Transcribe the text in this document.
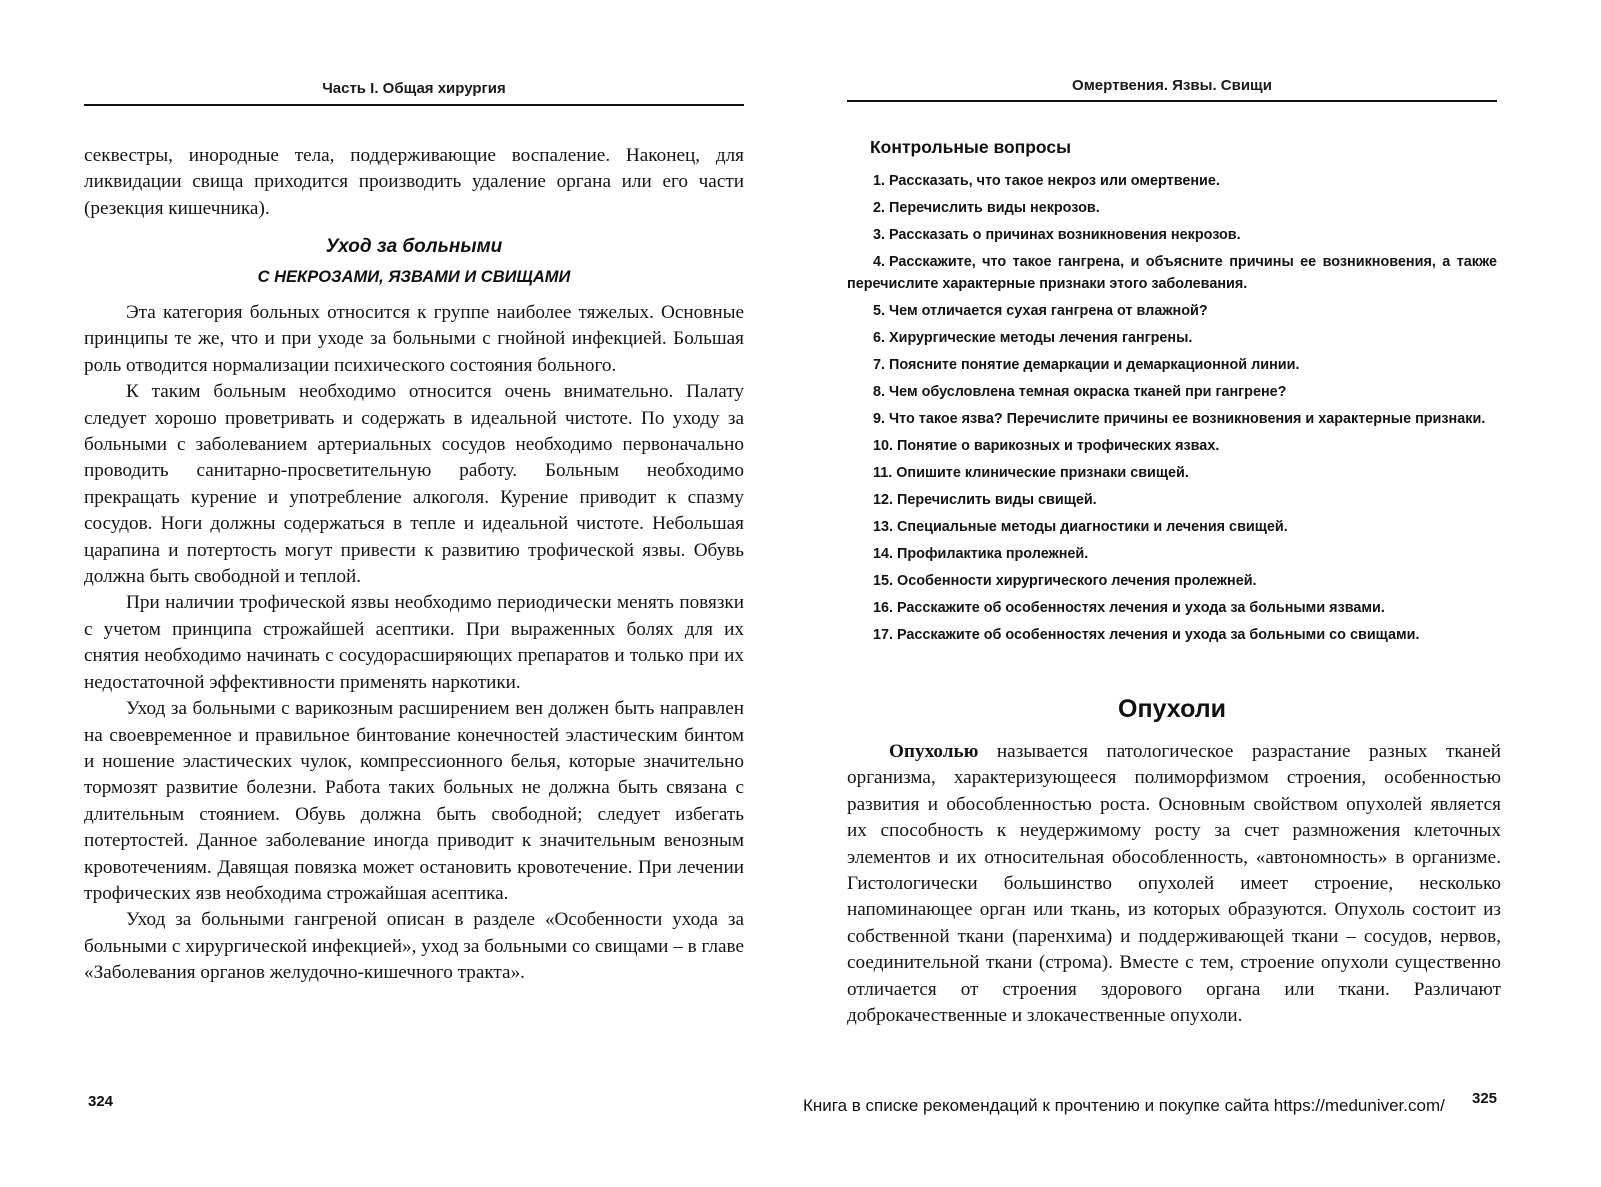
Часть I. Общая хирургия

секвестры, инородные тела, поддерживающие воспаление. Наконец, для ликвидации свища приходится производить удаление органа или его части (резекция кишечника).

Уход за больными
С НЕКРОЗАМИ, ЯЗВАМИ И СВИЩАМИ

Эта категория больных относится к группе наиболее тяжелых. Основные принципы те же, что и при уходе за больными с гнойной инфекцией. Большая роль отводится нормализации психического состояния больного.

К таким больным необходимо относится очень внимательно. Палату следует хорошо проветривать и содержать в идеальной чистоте. По уходу за больными с заболеванием артериальных сосудов необходимо первоначально проводить санитарно-просветительную работу. Больным необходимо прекращать курение и употребление алкоголя. Курение приводит к спазму сосудов. Ноги должны содержаться в тепле и идеальной чистоте. Небольшая царапина и потертость могут привести к развитию трофической язвы. Обувь должна быть свободной и теплой.

При наличии трофической язвы необходимо периодически менять повязки с учетом принципа строжайшей асептики. При выраженных болях для их снятия необходимо начинать с сосудорасширяющих препаратов и только при их недостаточной эффективности применять наркотики.

Уход за больными с варикозным расширением вен должен быть направлен на своевременное и правильное бинтование конечностей эластическим бинтом и ношение эластических чулок, компрессионного белья, которые значительно тормозят развитие болезни. Работа таких больных не должна быть связана с длительным стоянием. Обувь должна быть свободной; следует избегать потертостей. Данное заболевание иногда приводит к значительным венозным кровотечениям. Давящая повязка может остановить кровотечение. При лечении трофических язв необходима строжайшая асептика.

Уход за больными гангреной описан в разделе «Особенности ухода за больными с хирургической инфекцией», уход за больными со свищами – в главе «Заболевания органов желудочно-кишечного тракта».

324
Омертвения. Язвы. Свищи
Контрольные вопросы
1. Рассказать, что такое некроз или омертвение.
2. Перечислить виды некрозов.
3. Рассказать о причинах возникновения некрозов.
4. Расскажите, что такое гангрена, и объясните причины ее возникновения, а также перечислите характерные признаки этого заболевания.
5. Чем отличается сухая гангрена от влажной?
6. Хирургические методы лечения гангрены.
7. Поясните понятие демаркации и демаркационной линии.
8. Чем обусловлена темная окраска тканей при гангрене?
9. Что такое язва? Перечислите причины ее возникновения и характерные признаки.
10. Понятие о варикозных и трофических язвах.
11. Опишите клинические признаки свищей.
12. Перечислить виды свищей.
13. Специальные методы диагностики и лечения свищей.
14. Профилактика пролежней.
15. Особенности хирургического лечения пролежней.
16. Расскажите об особенностях лечения и ухода за больными язвами.
17. Расскажите об особенностях лечения и ухода за больными со свищами.
Опухоли

Опухолью называется патологическое разрастание разных тканей организма, характеризующееся полиморфизмом строения, особенностью развития и обособленностью роста. Основным свойством опухолей является их способность к неудержимому росту за счет размножения клеточных элементов и их относительная обособленность, «автономность» в организме. Гистологически большинство опухолей имеет строение, несколько напоминающее орган или ткань, из которых образуются. Опухоль состоит из собственной ткани (паренхима) и поддерживающей ткани – сосудов, нервов, соединительной ткани (строма). Вместе с тем, строение опухоли существенно отличается от строения здорового органа или ткани. Различают доброкачественные и злокачественные опухоли.

325
Книга в списке рекомендаций к прочтению и покупке сайта https://meduniver.com/
